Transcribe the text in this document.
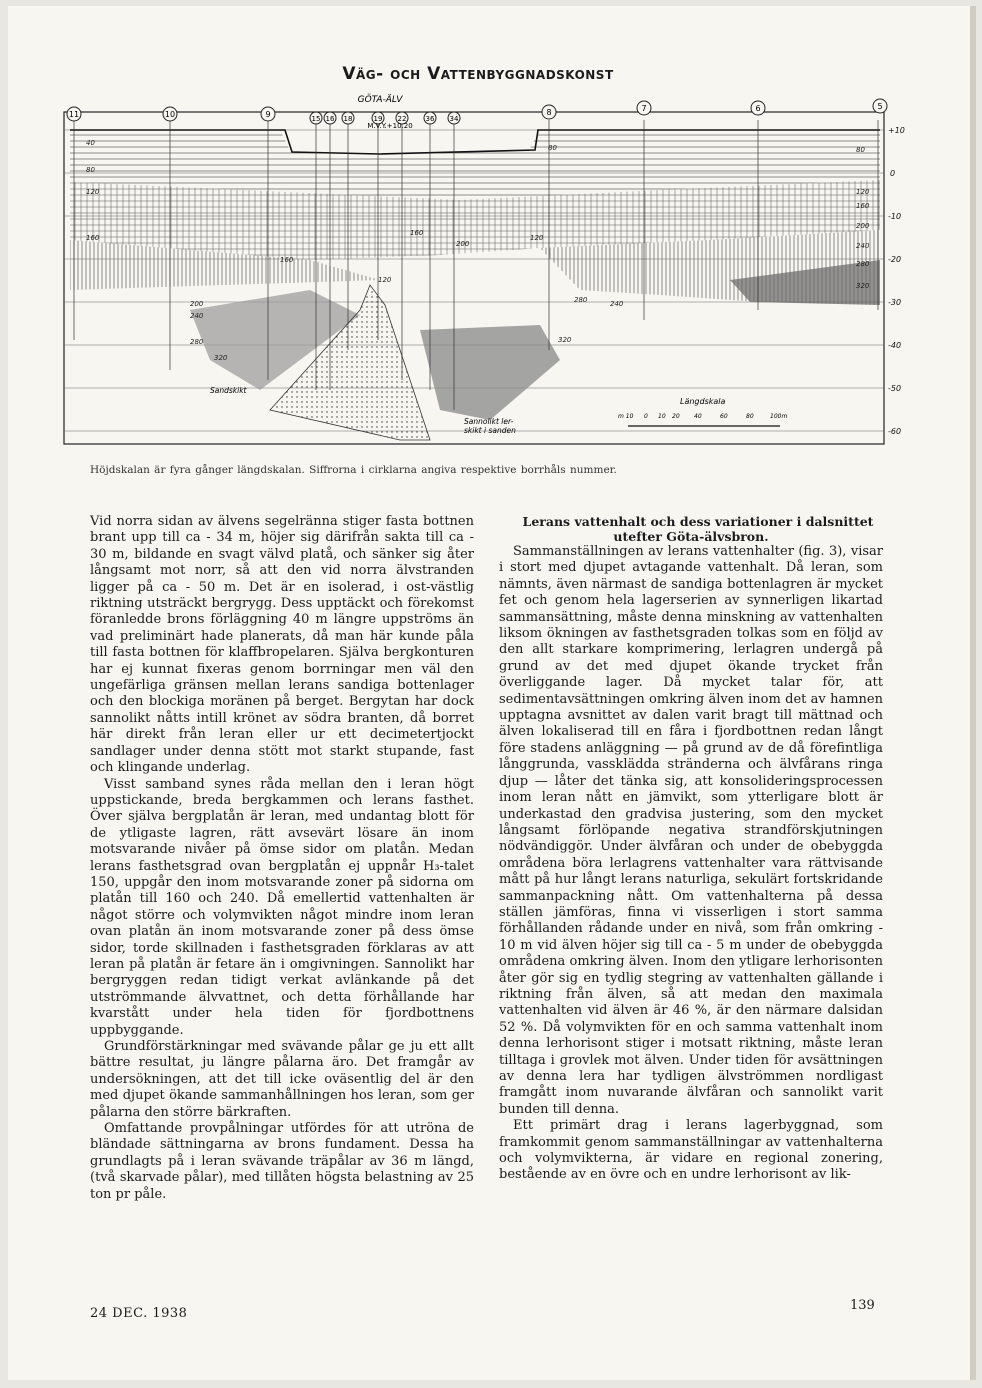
Väg- och Vattenbyggnadskonst
11	10	9	15 16 18	19 22	36 34
8	7	6	5
GÖTA-ÄLV
M.V.Y.+10.20
40
80
120
160
160
200
120
80	80
120
160
200
240
280
320
160
280	240
120
200
240
280
320
320
+10
0
-10
-20
-30
-40
-50
-60
Sandskikt
Sannolikt ler-
skikt i sanden
Längdskala
m 10 0 10 20 40	60	80	100m
Höjdskalan är fyra gånger längdskalan. Siffrorna i cirklarna angiva respektive borrhåls nummer.

Vid norra sidan av älvens segelränna stiger fasta bottnen brant upp till ca - 34 m, höjer sig därifrån sakta till ca - 30 m, bildande en svagt välvd platå, och sänker sig åter långsamt mot norr, så att den vid norra älvstranden ligger på ca - 50 m. Det är en isolerad, i ost-västlig riktning utsträckt bergrygg. Dess upptäckt och förekomst föranledde brons förläggning 40 m längre uppströms än vad preliminärt hade planerats, då man här kunde påla till fasta bottnen för klaffbropelaren. Själva bergkonturen har ej kunnat fixeras genom borrningar men väl den ungefärliga gränsen mellan lerans sandiga bottenlager och den blockiga moränen på berget. Bergytan har dock sannolikt nåtts intill krönet av södra branten, då borret här direkt från leran eller ur ett decimetertjockt sandlager under denna stött mot starkt stupande, fast och klingande underlag.

Visst samband synes råda mellan den i leran högt uppstickande, breda bergkammen och lerans fasthet. Över själva bergplatån är leran, med undantag blott för de ytligaste lagren, rätt avsevärt lösare än inom motsvarande nivåer på ömse sidor om platån. Medan lerans fasthetsgrad ovan bergplatån ej uppnår H₃-talet 150, uppgår den inom motsvarande zoner på sidorna om platån till 160 och 240. Då emellertid vattenhalten är något större och volymvikten något mindre inom leran ovan platån än inom motsvarande zoner på dess ömse sidor, torde skillnaden i fasthetsgraden förklaras av att leran på platån är fetare än i omgivningen. Sannolikt har bergryggen redan tidigt verkat avlänkande på det utströmmande älvvattnet, och detta förhållande har kvarstått under hela tiden för fjordbottnens uppbyggande.

Grundförstärkningar med svävande pålar ge ju ett allt bättre resultat, ju längre pålarna äro. Det framgår av undersökningen, att det till icke oväsentlig del är den med djupet ökande sammanhållningen hos leran, som ger pålarna den större bärkraften.

Omfattande provpålningar utfördes för att utröna de bländade sättningarna av brons fundament. Dessa ha grundlagts på i leran svävande träpålar av 36 m längd, (två skarvade pålar), med tillåten högsta belastning av 25 ton pr påle.

Lerans vattenhalt och dess variationer i dalsnittet utefter Göta-älvsbron.

Sammanställningen av lerans vattenhalter (fig. 3), visar i stort med djupet avtagande vattenhalt. Då leran, som nämnts, även närmast de sandiga bottenlagren är mycket fet och genom hela lagerserien av synnerligen likartad sammansättning, måste denna minskning av vattenhalten liksom ökningen av fasthetsgraden tolkas som en följd av den allt starkare komprimering, lerlagren undergå på grund av det med djupet ökande trycket från överliggande lager. Då mycket talar för, att sedimentavsättningen omkring älven inom det av hamnen upptagna avsnittet av dalen varit bragt till mättnad och älven lokaliserad till en fåra i fjordbottnen redan långt före stadens anläggning — på grund av de då förefintliga långgrunda, vassklädda stränderna och älvfårans ringa djup — låter det tänka sig, att konsolideringsprocessen inom leran nått en jämvikt, som ytterligare blott är underkastad den gradvisa justering, som den mycket långsamt förlöpande negativa strandförskjutningen nödvändiggör. Under älvfåran och under de obebyggda områdena böra lerlagrens vattenhalter vara rättvisande mått på hur långt lerans naturliga, sekulärt fortskridande sammanpackning nått. Om vattenhalterna på dessa ställen jämföras, finna vi visserligen i stort samma förhållanden rådande under en nivå, som från omkring - 10 m vid älven höjer sig till ca - 5 m under de obebyggda områdena omkring älven. Inom den ytligare lerhorisonten åter gör sig en tydlig stegring av vattenhalten gällande i riktning från älven, så att medan den maximala vattenhalten vid älven är 46 %, är den närmare dalsidan 52 %. Då volymvikten för en och samma vattenhalt inom denna lerhorisont stiger i motsatt riktning, måste leran tilltaga i grovlek mot älven. Under tiden för avsättningen av denna lera har tydligen älvströmmen nordligast framgått inom nuvarande älvfåran och sannolikt varit bunden till denna.

Ett primärt drag i lerans lagerbyggnad, som framkommit genom sammanställningar av vattenhalterna och volymvikterna, är vidare en regional zonering, bestående av en övre och en undre lerhorisont av lik-

24 DEC. 1938
139
